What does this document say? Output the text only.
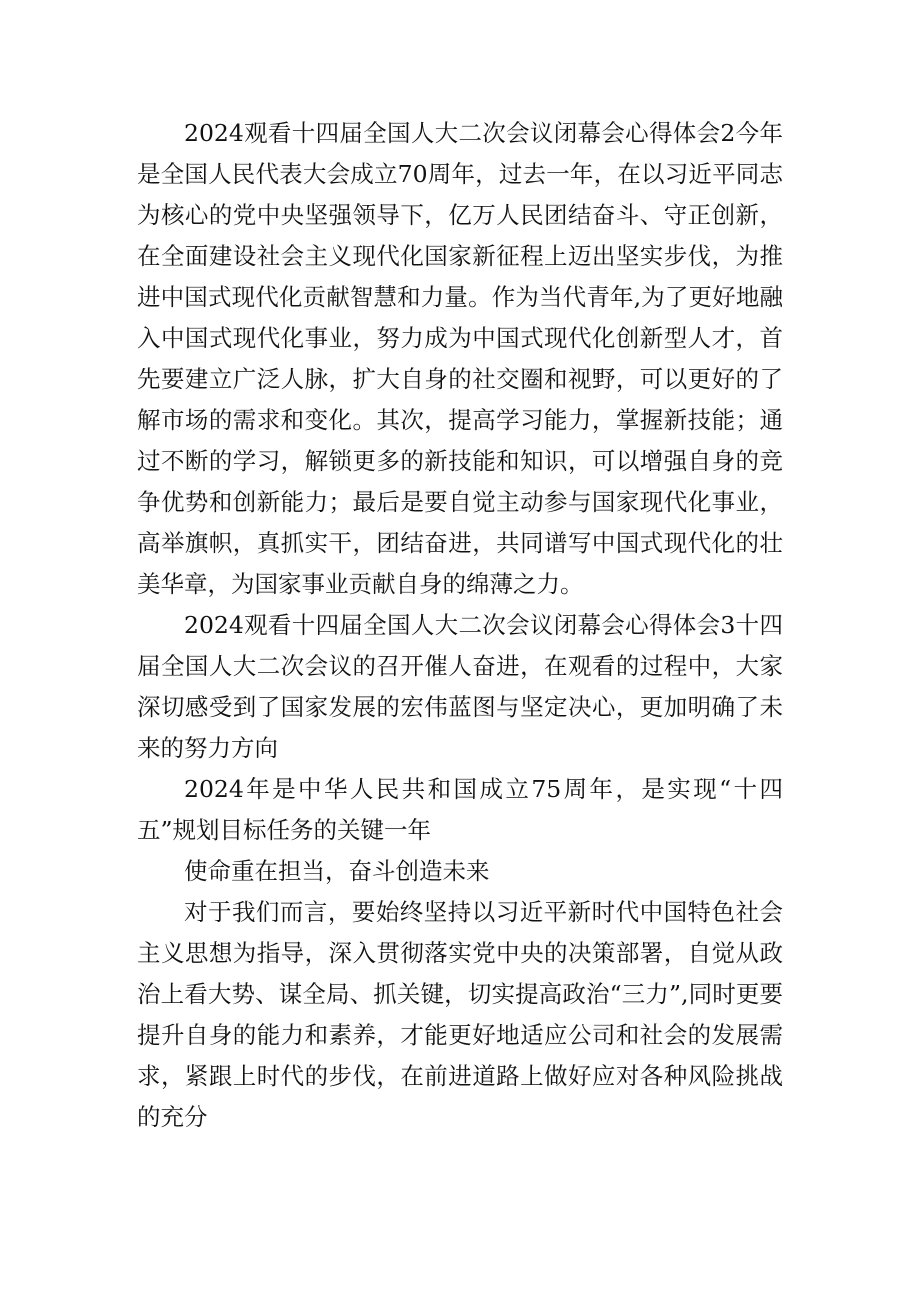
2024观看十四届全国人大二次会议闭幕会心得体会2今年是全国人民代表大会成立70周年，过去一年，在以习近平同志为核心的党中央坚强领导下，亿万人民团结奋斗、守正创新，在全面建设社会主义现代化国家新征程上迈出坚实步伐，为推进中国式现代化贡献智慧和力量。作为当代青年,为了更好地融入中国式现代化事业，努力成为中国式现代化创新型人才，首先要建立广泛人脉，扩大自身的社交圈和视野，可以更好的了解市场的需求和变化。其次，提高学习能力，掌握新技能；通过不断的学习，解锁更多的新技能和知识，可以增强自身的竞争优势和创新能力；最后是要自觉主动参与国家现代化事业，高举旗帜，真抓实干，团结奋进，共同谱写中国式现代化的壮美华章，为国家事业贡献自身的绵薄之力。

2024观看十四届全国人大二次会议闭幕会心得体会3十四届全国人大二次会议的召开催人奋进，在观看的过程中，大家深切感受到了国家发展的宏伟蓝图与坚定决心，更加明确了未来的努力方向

2024年是中华人民共和国成立75周年，是实现“十四五”规划目标任务的关键一年

使命重在担当，奋斗创造未来

对于我们而言，要始终坚持以习近平新时代中国特色社会主义思想为指导，深入贯彻落实党中央的决策部署，自觉从政治上看大势、谋全局、抓关键，切实提高政治“三力”,同时更要提升自身的能力和素养，才能更好地适应公司和社会的发展需求，紧跟上时代的步伐，在前进道路上做好应对各种风险挑战的充分
